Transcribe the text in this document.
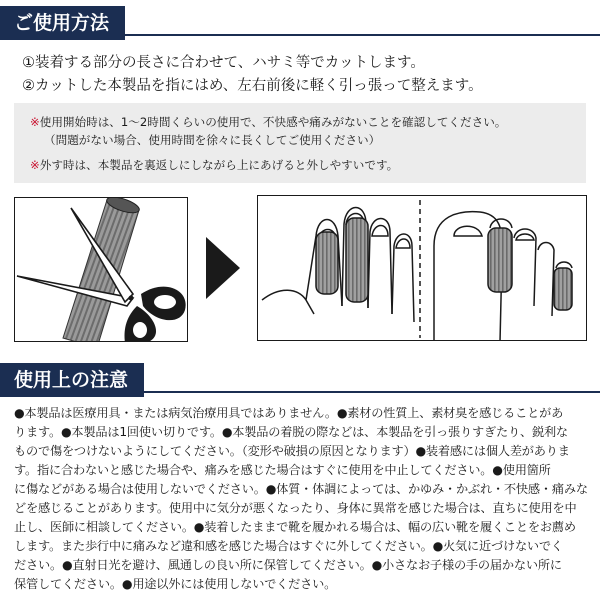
ご使用方法
①装着する部分の長さに合わせて、ハサミ等でカットします。
②カットした本製品を指にはめ、左右前後に軽く引っ張って整えます。
※使用開始時は、1～2時間くらいの使用で、不快感や痛みがないことを確認してください。
（問題がない場合、使用時間を徐々に長くしてご使用ください）
※外す時は、本製品を裏返しにしながら上にあげると外しやすいです。
使用上の注意
●本製品は医療用具・または病気治療用具ではありません。●素材の性質上、素材臭を感じることがあ
ります。●本製品は1回使い切りです。●本製品の着脱の際などは、本製品を引っ張りすぎたり、鋭利な
もので傷をつけないようにしてください。（変形や破損の原因となります）●装着感には個人差がありま
す。指に合わないと感じた場合や、痛みを感じた場合はすぐに使用を中止してください。●使用箇所
に傷などがある場合は使用しないでください。●体質・体調によっては、かゆみ・かぶれ・不快感・痛みな
どを感じることがあります。使用中に気分が悪くなったり、身体に異常を感じた場合は、直ちに使用を中
止し、医師に相談してください。●装着したままで靴を履かれる場合は、幅の広い靴を履くことをお薦め
します。また歩行中に痛みなど違和感を感じた場合はすぐに外してください。●火気に近づけないでく
ださい。●直射日光を避け、風通しの良い所に保管してください。●小さなお子様の手の届かない所に
保管してください。●用途以外には使用しないでください。
